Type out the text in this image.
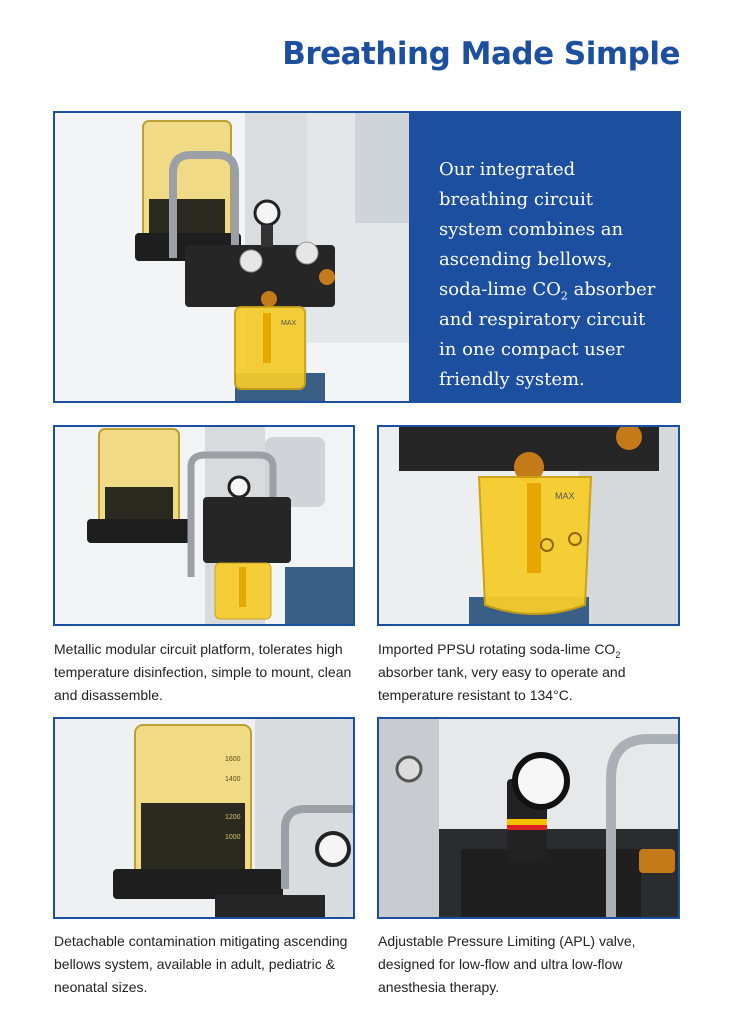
Breathing Made Simple
MAX

Our integrated breathing circuit system combines an ascending bellows, soda-lime $CO_2$ absorber and respiratory circuit in one compact user friendly system.

MAX

Metallic modular circuit platform, tolerates high temperature disinfection, simple to mount, clean and disassemble.

Imported PPSU rotating soda-lime $CO_2$ absorber tank, very easy to operate and temperature resistant to 134°C.

1600
1400
1200
1000

Detachable contamination mitigating ascending bellows system, available in adult, pediatric & neonatal sizes.

Adjustable Pressure Limiting (APL) valve, designed for low-flow and ultra low-flow anesthesia therapy.
